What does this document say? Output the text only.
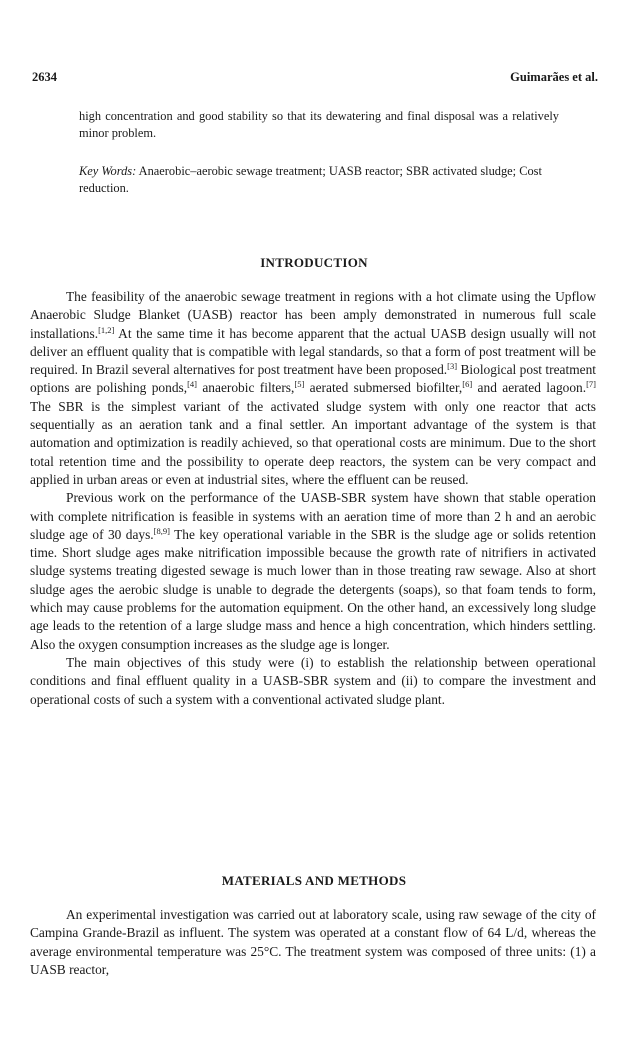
2634	Guimarães et al.
high concentration and good stability so that its dewatering and final disposal was a relatively minor problem.
Key Words: Anaerobic–aerobic sewage treatment; UASB reactor; SBR activated sludge; Cost reduction.
INTRODUCTION

The feasibility of the anaerobic sewage treatment in regions with a hot climate using the Upflow Anaerobic Sludge Blanket (UASB) reactor has been amply demonstrated in numerous full scale installations.[1,2] At the same time it has become apparent that the actual UASB design usually will not deliver an effluent quality that is compatible with legal standards, so that a form of post treatment will be required. In Brazil several alternatives for post treatment have been proposed.[3] Biological post treatment options are polishing ponds,[4] anaerobic filters,[5] aerated submersed biofilter,[6] and aerated lagoon.[7] The SBR is the simplest variant of the activated sludge system with only one reactor that acts sequentially as an aeration tank and a final settler. An important advantage of the system is that automation and optimization is readily achieved, so that operational costs are minimum. Due to the short total retention time and the possibility to operate deep reactors, the system can be very compact and applied in urban areas or even at industrial sites, where the effluent can be reused.

Previous work on the performance of the UASB-SBR system have shown that stable operation with complete nitrification is feasible in systems with an aeration time of more than 2 h and an aerobic sludge age of 30 days.[8,9] The key operational variable in the SBR is the sludge age or solids retention time. Short sludge ages make nitrification impossible because the growth rate of nitrifiers in activated sludge systems treating digested sewage is much lower than in those treating raw sewage. Also at short sludge ages the aerobic sludge is unable to degrade the detergents (soaps), so that foam tends to form, which may cause problems for the automation equipment. On the other hand, an excessively long sludge age leads to the retention of a large sludge mass and hence a high concentration, which hinders settling. Also the oxygen consumption increases as the sludge age is longer.

The main objectives of this study were (i) to establish the relationship between operational conditions and final effluent quality in a UASB-SBR system and (ii) to compare the investment and operational costs of such a system with a conventional activated sludge plant.

MATERIALS AND METHODS

An experimental investigation was carried out at laboratory scale, using raw sewage of the city of Campina Grande-Brazil as influent. The system was operated at a constant flow of 64 L/d, whereas the average environmental temperature was 25°C. The treatment system was composed of three units: (1) a UASB reactor,
